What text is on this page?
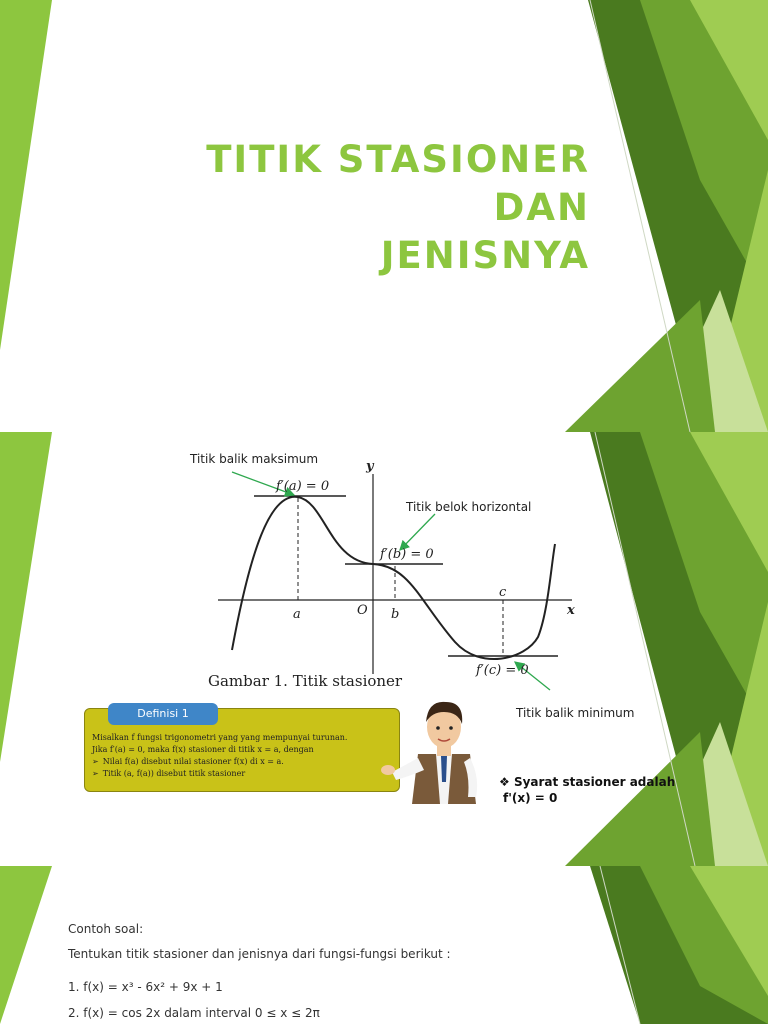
TITIK STASIONER
DAN
JENISNYA
f′(a) = 0
f′(b) = 0
f′(c) = 0
y
x
O
a	b
c
Gambar 1. Titik stasioner
Titik balik maksimum
Titik belok horizontal
Titik balik minimum
Definisi 1
Misalkan f fungsi trigonometri yang yang mempunyai turunan.
Jika f′(a) = 0, maka f(x) stasioner di titik x = a, dengan
➢ Nilai f(a) disebut nilai stasioner f(x) di x = a.
➢ Titik (a, f(a)) disebut titik stasioner
❖ Syarat stasioner adalah
f'(x) = 0
Contoh soal:
Tentukan titik stasioner dan jenisnya dari fungsi-fungsi berikut :
1. f(x) = x³ - 6x² + 9x + 1
2. f(x) = cos 2x dalam interval 0 ≤ x ≤ 2π
